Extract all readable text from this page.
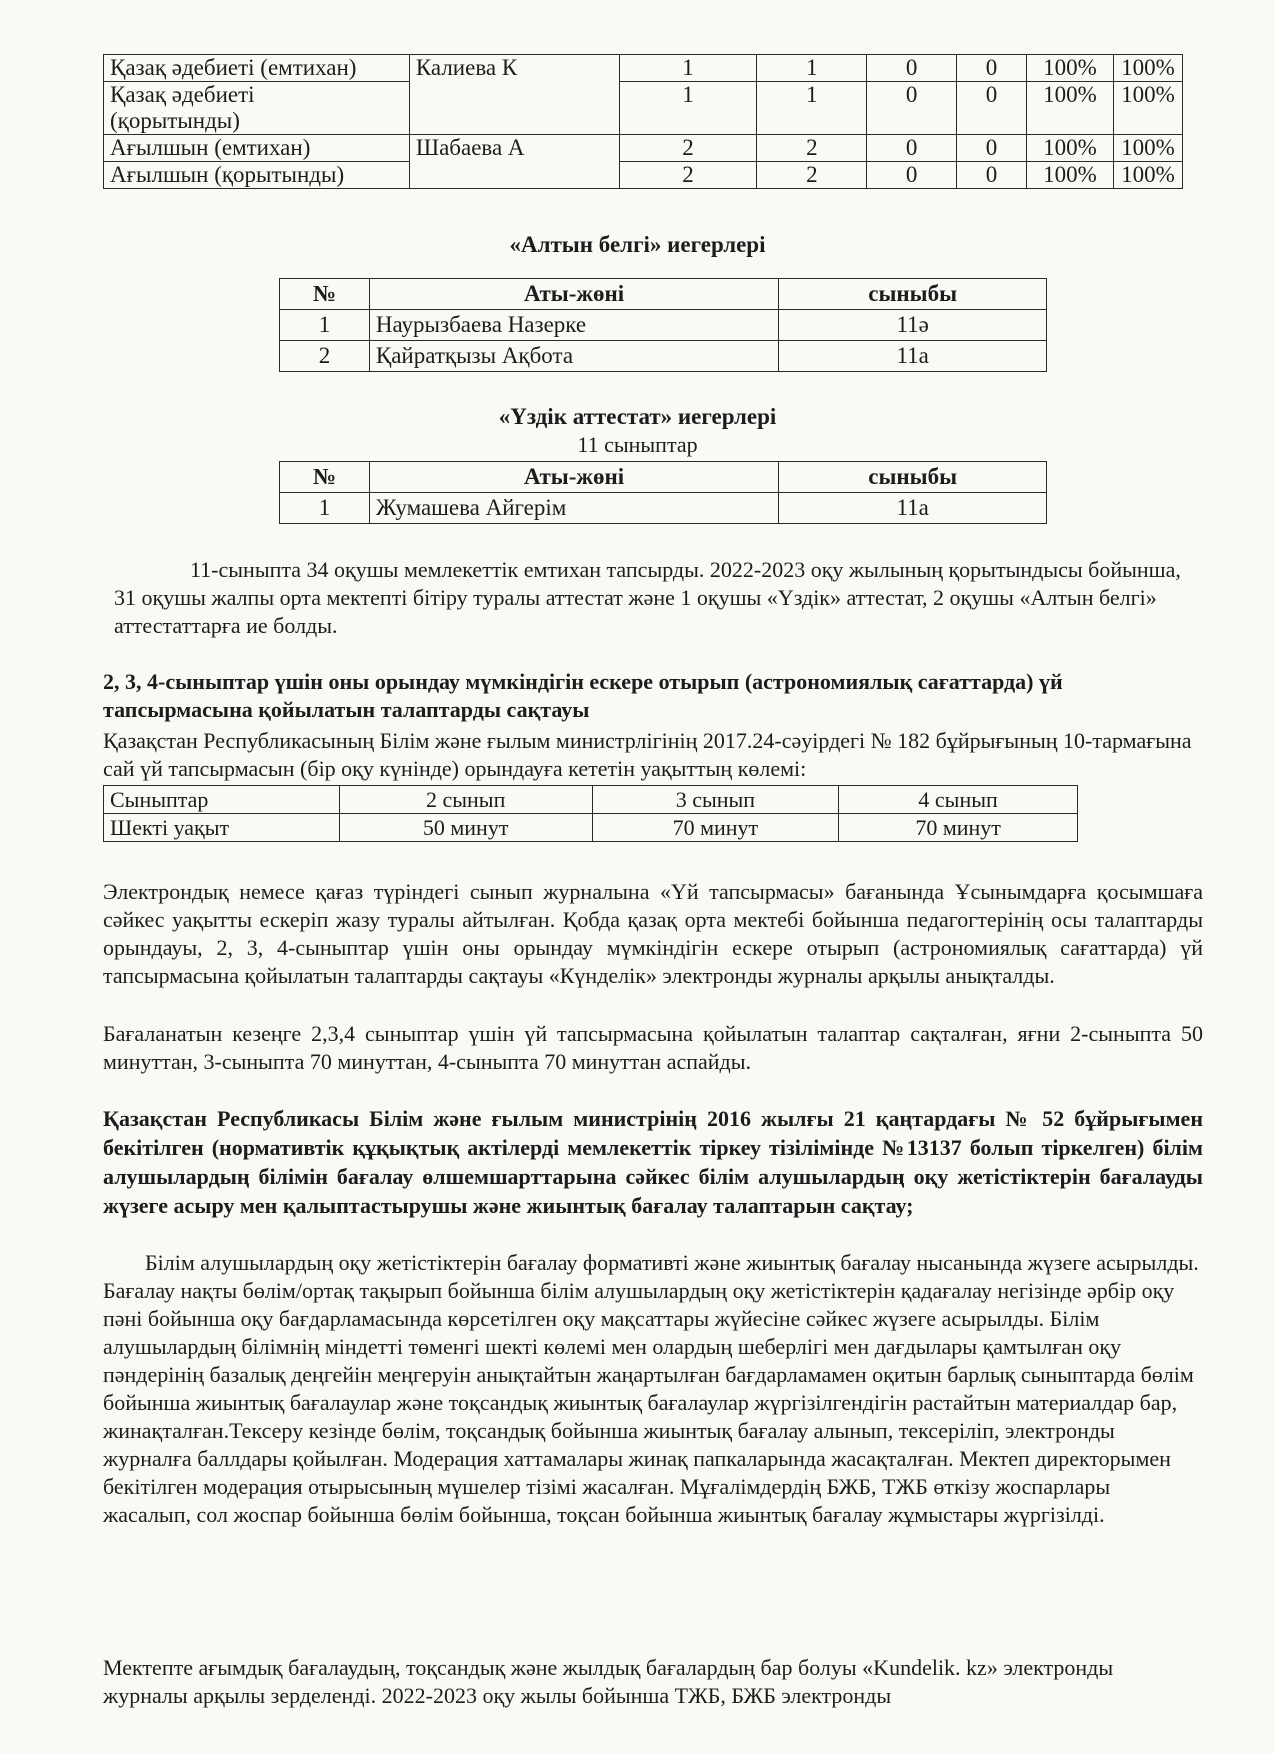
Қазақ әдебиеті (емтихан)	Калиева К	1	1	0	0	100%	100%
Қазақ әдебиеті (қорытынды)		1	1	0	0	100%	100%
Ағылшын (емтихан)	Шабаева А	2	2	0	0	100%	100%
Ағылшын (қорытынды)		2	2	0	0	100%	100%
«Алтын белгі» иегерлері
№	Аты-жөні	сыныбы
1	Наурызбаева Назерке	11ә
2	Қайратқызы Ақбота	11а
«Үздік аттестат» иегерлері
11 сыныптар
№	Аты-жөні	сыныбы
1	Жумашева Айгерім	11а
11-сыныпта 34 оқушы мемлекеттік емтихан тапсырды. 2022-2023 оқу жылының қорытындысы бойынша, 31 оқушы жалпы орта мектепті бітіру туралы аттестат және 1 оқушы «Үздік» аттестат, 2 оқушы «Алтын белгі» аттестаттарға ие болды.
2, 3, 4-сыныптар үшін оны орындау мүмкіндігін ескере отырып (астрономиялық сағаттарда) үй тапсырмасына қойылатын талаптарды сақтауы
Қазақстан Республикасының Білім және ғылым министрлігінің 2017.24-сәуірдегі № 182 бұйрығының 10-тармағына сай үй тапсырмасын (бір оқу күнінде) орындауға кететін уақыттың көлемі:
Сыныптар	2 сынып	3 сынып	4 сынып
Шекті уақыт	50 минут	70 минут	70 минут
Электрондық немесе қағаз түріндегі сынып журналына «Үй тапсырмасы» бағанында Ұсынымдарға қосымшаға сәйкес уақытты ескеріп жазу туралы айтылған. Қобда қазақ орта мектебі бойынша педагогтерінің осы талаптарды орындауы, 2, 3, 4-сыныптар үшін оны орындау мүмкіндігін ескере отырып (астрономиялық сағаттарда) үй тапсырмасына қойылатын талаптарды сақтауы «Күнделік» электронды журналы арқылы анықталды.
Бағаланатын кезеңге 2,3,4 сыныптар үшін үй тапсырмасына қойылатын талаптар сақталған, яғни 2-сыныпта 50 минуттан, 3-сыныпта 70 минуттан, 4-сыныпта 70 минуттан аспайды.
Қазақстан Республикасы Білім және ғылым министрінің 2016 жылғы 21 қаңтардағы № 52 бұйрығымен бекітілген (нормативтік құқықтық актілерді мемлекеттік тіркеу тізілімінде №13137 болып тіркелген) білім алушылардың білімін бағалау өлшемшарттарына сәйкес білім алушылардың оқу жетістіктерін бағалауды жүзеге асыру мен қалыптастырушы және жиынтық бағалау талаптарын сақтау;
Білім алушылардың оқу жетістіктерін бағалау формативті және жиынтық бағалау нысанында жүзеге асырылды. Бағалау нақты бөлім/ортақ тақырып бойынша білім алушылардың оқу жетістіктерін қадағалау негізінде әрбір оқу пәні бойынша оқу бағдарламасында көрсетілген оқу мақсаттары жүйесіне сәйкес жүзеге асырылды. Білім алушылардың білімнің міндетті төменгі шекті көлемі мен олардың шеберлігі мен дағдылары қамтылған оқу пәндерінің базалық деңгейін меңгеруін анықтайтын жаңартылған бағдарламамен оқитын барлық сыныптарда бөлім бойынша жиынтық бағалаулар және тоқсандық жиынтық бағалаулар жүргізілгендігін растайтын материалдар бар, жинақталған.Тексеру кезінде бөлім, тоқсандық бойынша жиынтық бағалау алынып, тексеріліп, электронды журналға баллдары қойылған. Модерация хаттамалары жинақ папкаларында жасақталған. Мектеп директорымен бекітілген модерация отырысының мүшелер тізімі жасалған. Мұғалімдердің БЖБ, ТЖБ өткізу жоспарлары жасалып, сол жоспар бойынша бөлім бойынша, тоқсан бойынша жиынтық бағалау жұмыстары жүргізілді.
Мектепте ағымдық бағалаудың, тоқсандық және жылдық бағалардың бар болуы «Kundelik. kz» электронды журналы арқылы зерделенді. 2022-2023 оқу жылы бойынша ТЖБ, БЖБ электронды
